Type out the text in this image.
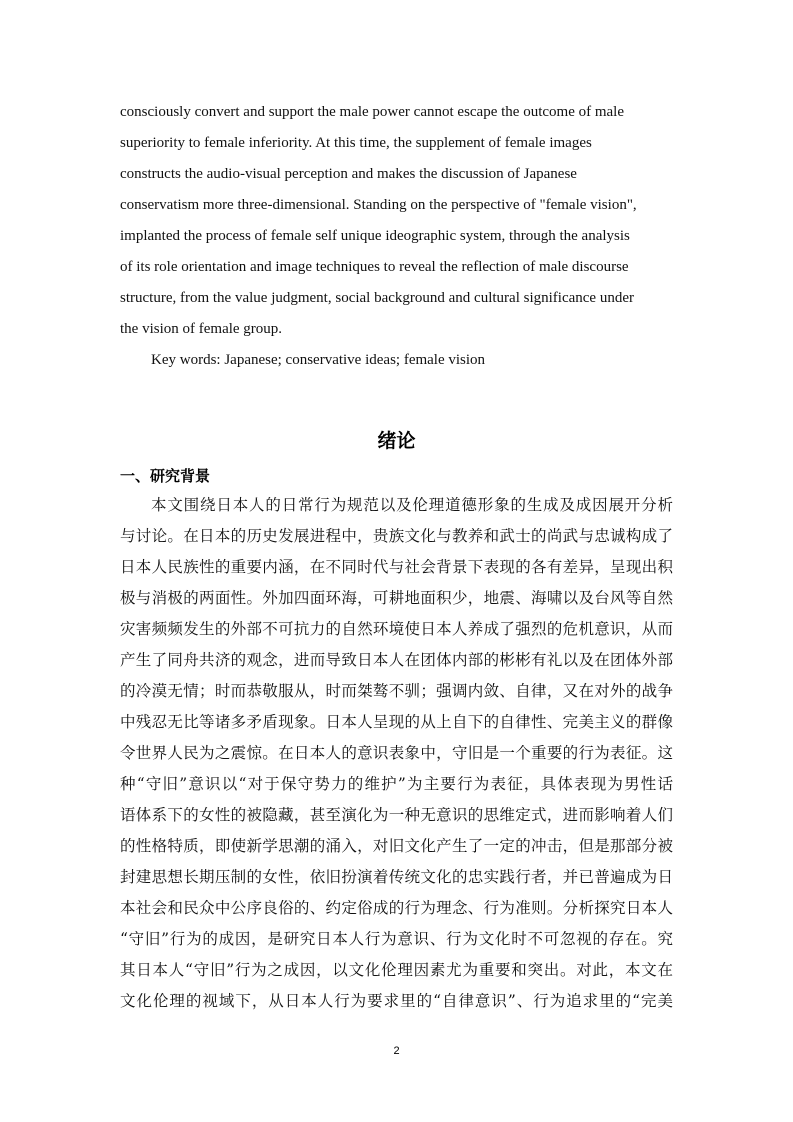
consciously convert and support the male power cannot escape the outcome of male
superiority to female inferiority. At this time, the supplement of female images
constructs the audio-visual perception and makes the discussion of Japanese
conservatism more three-dimensional. Standing on the perspective of "female vision",
implanted the process of female self unique ideographic system, through the analysis
of its role orientation and image techniques to reveal the reflection of male discourse
structure, from the value judgment, social background and cultural significance under
the vision of female group.
Key words: Japanese; conservative ideas; female vision
绪论
一、研究背景
本文围绕日本人的日常行为规范以及伦理道德形象的生成及成因展开分析
与讨论。在日本的历史发展进程中，贵族文化与教养和武士的尚武与忠诚构成了
日本人民族性的重要内涵，在不同时代与社会背景下表现的各有差异，呈现出积
极与消极的两面性。外加四面环海，可耕地面积少，地震、海啸以及台风等自然
灾害频频发生的外部不可抗力的自然环境使日本人养成了强烈的危机意识，从而
产生了同舟共济的观念，进而导致日本人在团体内部的彬彬有礼以及在团体外部
的冷漠无情；时而恭敬服从，时而桀骜不驯；强调内敛、自律，又在对外的战争
中残忍无比等诸多矛盾现象。日本人呈现的从上自下的自律性、完美主义的群像
令世界人民为之震惊。在日本人的意识表象中，守旧是一个重要的行为表征。这
种“守旧”意识以“对于保守势力的维护”为主要行为表征，具体表现为男性话
语体系下的女性的被隐藏，甚至演化为一种无意识的思维定式，进而影响着人们
的性格特质，即使新学思潮的涌入，对旧文化产生了一定的冲击，但是那部分被
封建思想长期压制的女性，依旧扮演着传统文化的忠实践行者，并已普遍成为日
本社会和民众中公序良俗的、约定俗成的行为理念、行为准则。分析探究日本人
“守旧”行为的成因，是研究日本人行为意识、行为文化时不可忽视的存在。究
其日本人“守旧”行为之成因，以文化伦理因素尤为重要和突出。对此，本文在
文化伦理的视域下，从日本人行为要求里的“自律意识”、行为追求里的“完美
2
